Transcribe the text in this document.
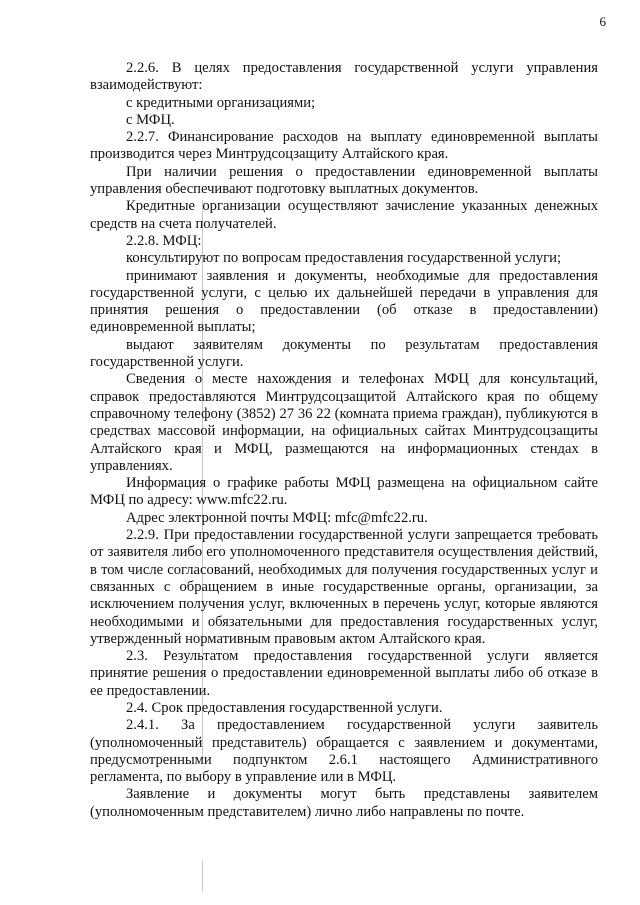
6

2.2.6. В целях предоставления государственной услуги управления взаимодействуют:

с кредитными организациями;

с МФЦ.

2.2.7. Финансирование расходов на выплату единовременной выплаты производится через Минтрудсоцзащиту Алтайского края.

При наличии решения о предоставлении единовременной выплаты управления обеспечивают подготовку выплатных документов.

Кредитные организации осуществляют зачисление указанных денежных средств на счета получателей.

2.2.8. МФЦ:

консультируют по вопросам предоставления государственной услуги;

принимают заявления и документы, необходимые для предоставления государственной услуги, с целью их дальнейшей передачи в управления для принятия решения о предоставлении (об отказе в предоставлении) единовременной выплаты;

выдают заявителям документы по результатам предоставления государственной услуги.

Сведения о месте нахождения и телефонах МФЦ для консультаций, справок предоставляются Минтрудсоцзащитой Алтайского края по общему справочному телефону (3852) 27 36 22 (комната приема граждан), публикуются в средствах массовой информации, на официальных сайтах Минтрудсоцзащиты Алтайского края и МФЦ, размещаются на информационных стендах в управлениях.

Информация о графике работы МФЦ размещена на официальном сайте МФЦ по адресу: www.mfc22.ru.

Адрес электронной почты МФЦ: mfc@mfc22.ru.

2.2.9. При предоставлении государственной услуги запрещается требовать от заявителя либо его уполномоченного представителя осуществления действий, в том числе согласований, необходимых для получения государственных услуг и связанных с обращением в иные государственные органы, организации, за исключением получения услуг, включенных в перечень услуг, которые являются необходимыми и обязательными для предоставления государственных услуг, утвержденный нормативным правовым актом Алтайского края.

2.3. Результатом предоставления государственной услуги является принятие решения о предоставлении единовременной выплаты либо об отказе в ее предоставлении.

2.4. Срок предоставления государственной услуги.

2.4.1. За предоставлением государственной услуги заявитель (уполномоченный представитель) обращается с заявлением и документами, предусмотренными подпунктом 2.6.1 настоящего Административного регламента, по выбору в управление или в МФЦ.

Заявление и документы могут быть представлены заявителем (уполномоченным представителем) лично либо направлены по почте.
